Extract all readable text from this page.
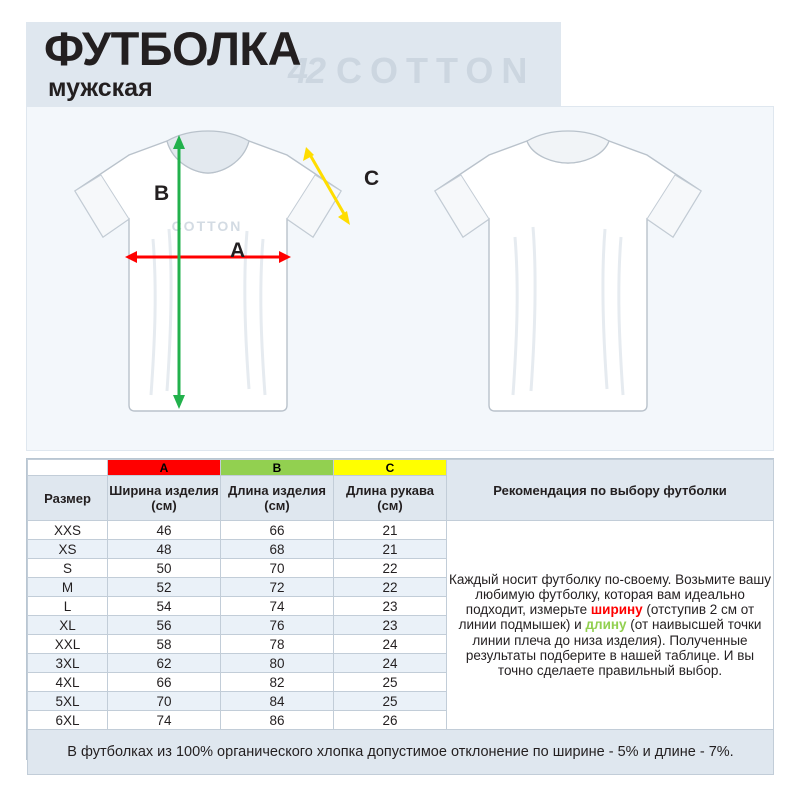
42 COTTON
ФУТБОЛКА
мужская
COTTON
B
A
C
	A	B	C	Рекомендация по выбору футболки
Размер	Ширина изделия (см)	Длина изделия (см)	Длина рукава (см)	
XXS	46	66	21	Каждый носит футболку по-своему. Возьмите вашу любимую футболку, которая вам идеально подходит, измерьте ширину (отступив 2 см от линии подмышек) и длину (от наивысшей точки линии плеча до низа изделия). Полученные результаты подберите в нашей таблице. И вы точно сделаете правильный выбор.
XS	48	68	21	
S	50	70	22	
M	52	72	22	
L	54	74	23	
XL	56	76	23	
XXL	58	78	24	
3XL	62	80	24	
4XL	66	82	25	
5XL	70	84	25	
6XL	74	86	26	
В футболках из 100% органического хлопка допустимое отклонение по ширине - 5% и длине - 7%.				
